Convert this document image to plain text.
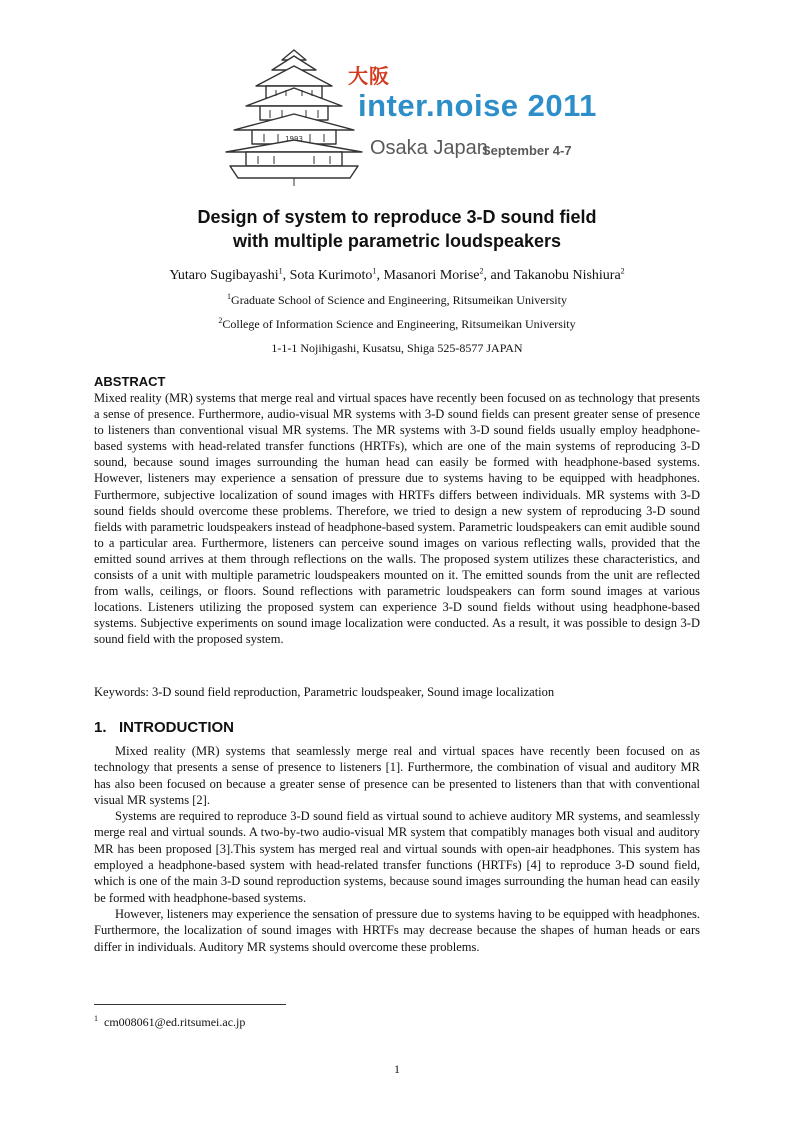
1993
大阪
inter.noise 2011
Osaka Japan
September 4-7
Design of system to reproduce 3-D sound field
with multiple parametric loudspeakers
Yutaro Sugibayashi$^1$, Sota Kurimoto$^1$, Masanori Morise$^2$, and Takanobu Nishiura$^2$
$^1$Graduate School of Science and Engineering, Ritsumeikan University
$^2$College of Information Science and Engineering, Ritsumeikan University
1-1-1 Nojihigashi, Kusatsu, Shiga 525-8577 JAPAN
ABSTRACT

Mixed reality (MR) systems that merge real and virtual spaces have recently been focused on as technology that presents a sense of presence. Furthermore, audio-visual MR systems with 3-D sound fields can present greater sense of presence to listeners than conventional visual MR systems. The MR systems with 3-D sound fields usually employ headphone-based systems with head-related transfer functions (HRTFs), which are one of the main systems of reproducing 3-D sound, because sound images surrounding the human head can easily be formed with headphone-based systems. However, listeners may experience a sensation of pressure due to systems having to be equipped with headphones. Furthermore, subjective localization of sound images with HRTFs differs between individuals. MR systems with 3-D sound fields should overcome these problems. Therefore, we tried to design a new system of reproducing 3-D sound fields with parametric loudspeakers instead of headphone-based system. Parametric loudspeakers can emit audible sound to a particular area. Furthermore, listeners can perceive sound images on various reflecting walls, provided that the emitted sound arrives at them through reflections on the walls. The proposed system utilizes these characteristics, and consists of a unit with multiple parametric loudspeakers mounted on it. The emitted sounds from the unit are reflected from walls, ceilings, or floors. Sound reflections with parametric loudspeakers can form sound images at various locations. Listeners utilizing the proposed system can experience 3-D sound fields without using headphone-based systems. Subjective experiments on sound image localization were conducted. As a result, it was possible to design 3-D sound field with the proposed system.

Keywords: 3-D sound field reproduction, Parametric loudspeaker, Sound image localization
1.   INTRODUCTION

Mixed reality (MR) systems that seamlessly merge real and virtual spaces have recently been focused on as technology that presents a sense of presence to listeners [1]. Furthermore, the combination of visual and auditory MR has also been focused on because a greater sense of presence can be presented to listeners than that with conventional visual MR systems [2].

Systems are required to reproduce 3-D sound field as virtual sound to achieve auditory MR systems, and seamlessly merge real and virtual sounds. A two-by-two audio-visual MR system that compatibly manages both visual and auditory MR has been proposed [3].This system has merged real and virtual sounds with open-air headphones. This system has employed a headphone-based system with head-related transfer functions (HRTFs) [4] to reproduce 3-D sound field, which is one of the main 3-D sound reproduction systems, because sound images surrounding the human head can easily be formed with headphone-based systems.

However, listeners may experience the sensation of pressure due to systems having to be equipped with headphones. Furthermore, the localization of sound images with HRTFs may decrease because the shapes of human heads or ears differ in individuals. Auditory MR systems should overcome these problems.

$^1$ cm008061@ed.ritsumei.ac.jp
1
